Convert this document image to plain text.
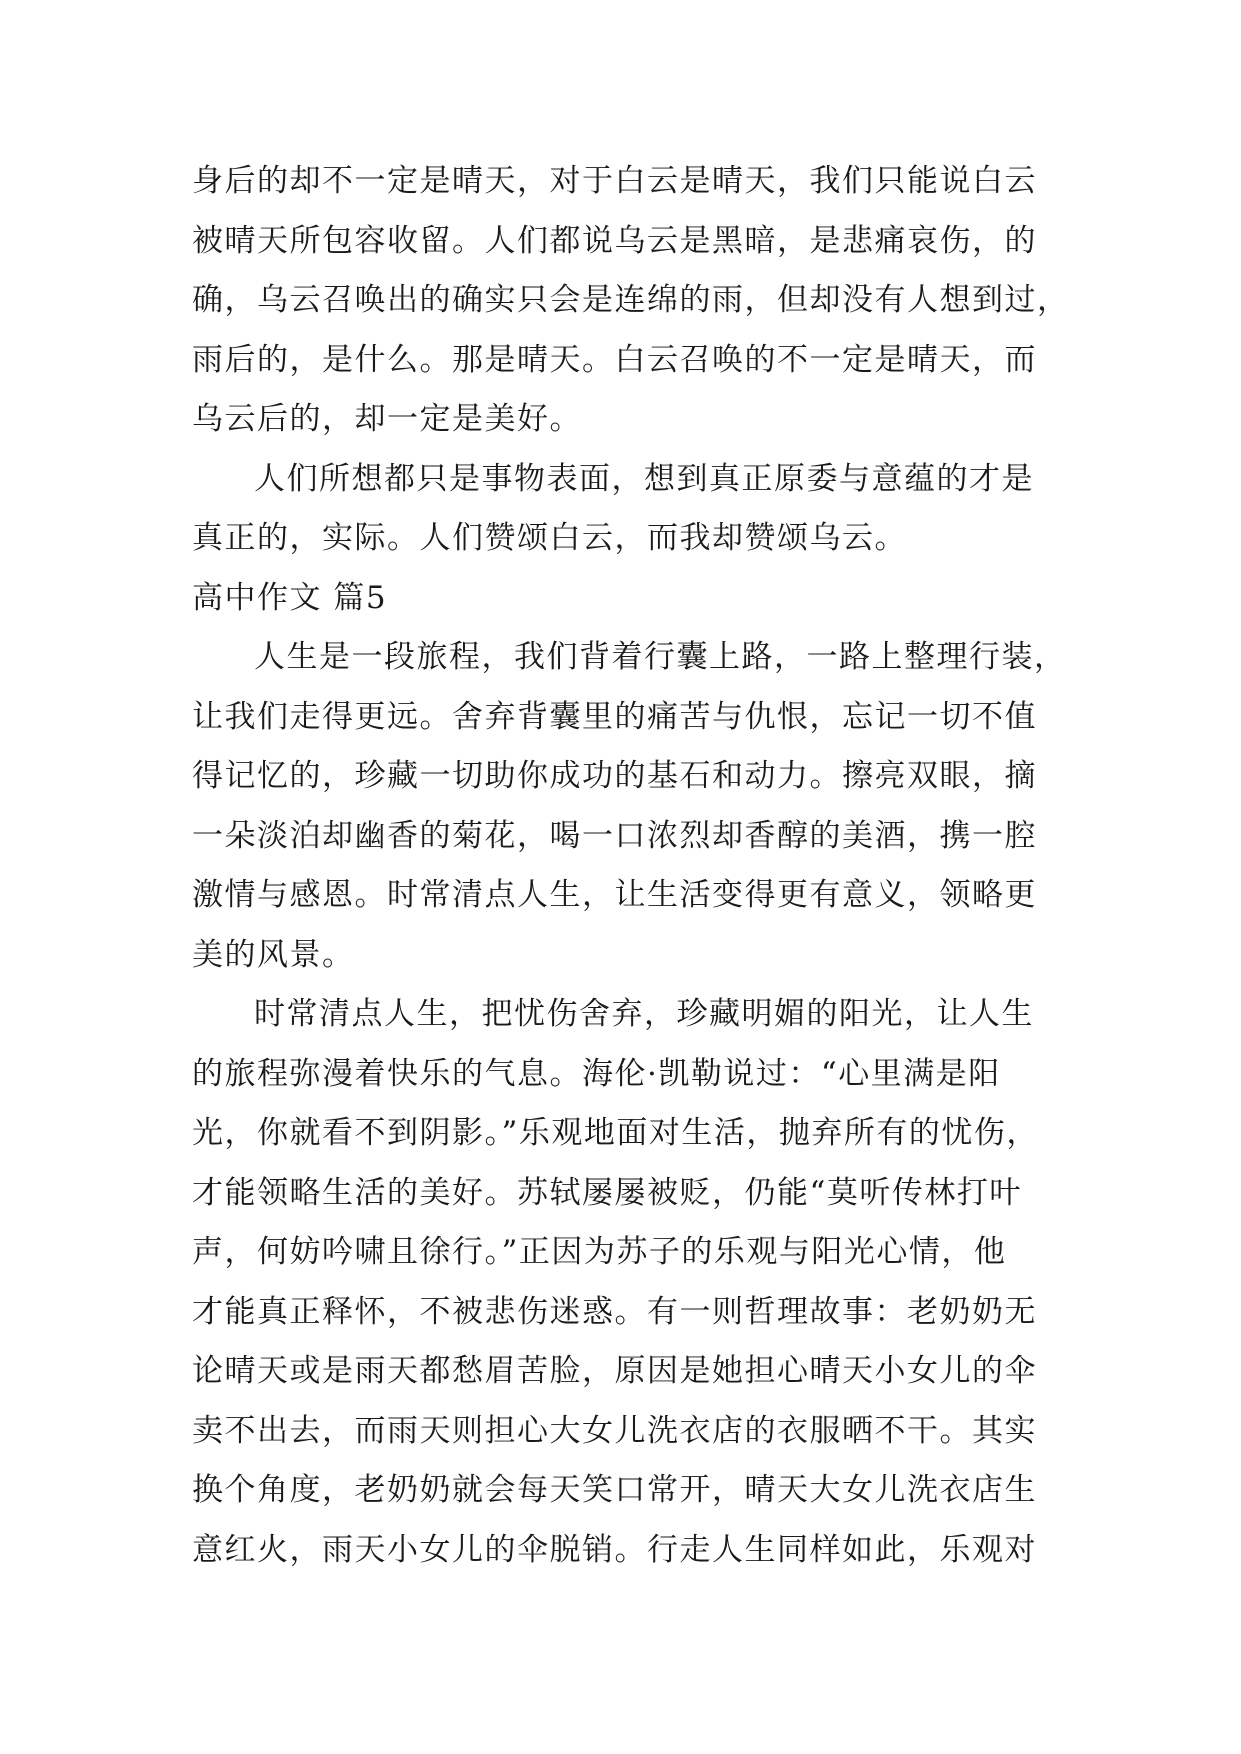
身后的却不一定是晴天，对于白云是晴天，我们只能说白云
被晴天所包容收留。人们都说乌云是黑暗，是悲痛哀伤，的
确，乌云召唤出的确实只会是连绵的雨，但却没有人想到过，
雨后的，是什么。那是晴天。白云召唤的不一定是晴天，而
乌云后的，却一定是美好。
人们所想都只是事物表面，想到真正原委与意蕴的才是
真正的，实际。人们赞颂白云，而我却赞颂乌云。
高中作文 篇5
人生是一段旅程，我们背着行囊上路，一路上整理行装，
让我们走得更远。舍弃背囊里的痛苦与仇恨，忘记一切不值
得记忆的，珍藏一切助你成功的基石和动力。擦亮双眼，摘
一朵淡泊却幽香的菊花，喝一口浓烈却香醇的美酒，携一腔
激情与感恩。时常清点人生，让生活变得更有意义，领略更
美的风景。
时常清点人生，把忧伤舍弃，珍藏明媚的阳光，让人生
的旅程弥漫着快乐的气息。海伦·凯勒说过：“心里满是阳
光，你就看不到阴影。”乐观地面对生活，抛弃所有的忧伤，
才能领略生活的美好。苏轼屡屡被贬，仍能“莫听传林打叶
声，何妨吟啸且徐行。”正因为苏子的乐观与阳光心情，他
才能真正释怀，不被悲伤迷惑。有一则哲理故事：老奶奶无
论晴天或是雨天都愁眉苦脸，原因是她担心晴天小女儿的伞
卖不出去，而雨天则担心大女儿洗衣店的衣服晒不干。其实
换个角度，老奶奶就会每天笑口常开，晴天大女儿洗衣店生
意红火，雨天小女儿的伞脱销。行走人生同样如此，乐观对
